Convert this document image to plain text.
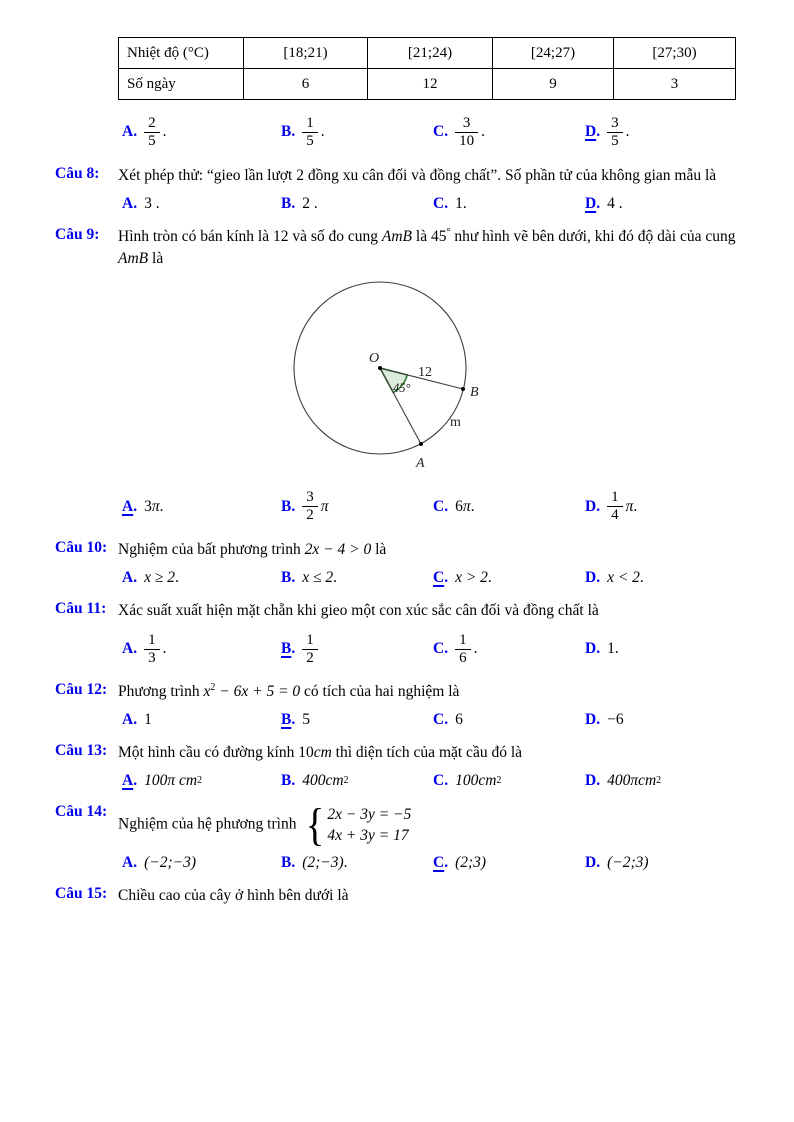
Nhiệt độ (°C)	[18;21)	[21;24)	[24;27)	[27;30)
Số ngày	6	12	9	3
A. $\frac{2}{5}$ .	B. $\frac{1}{5}$ .	C. $\frac{3}{10}$ .	D. $\frac{3}{5}$ .
Câu 8:	Xét phép thử: “gieo lần lượt 2 đồng xu cân đối và đồng chất”. Số phần tử của không gian mẫu là
A. 3 .	B. 2 .	C. 1.	D. 4 .
Câu 9:	Hình tròn có bán kính là 12 và số đo cung AmB là 45° như hình vẽ bên dưới, khi đó độ dài của cung AmB là
O
B
A
m
12
45°
A. 3 π .	B. $\frac{3}{2}$ π	C. 6 π .	D. $\frac{1}{4}$ π .
Câu 10: Nghiệm của bất phương trình 2x − 4 > 0 là
A. x ≥ 2 .	B. x ≤ 2 .	C. x > 2 .	D. x < 2 .
Câu 11: Xác suất xuất hiện mặt chẵn khi gieo một con xúc sắc cân đối và đồng chất là
A. $\frac{1}{3}$ .	B. $\frac{1}{2}$	C. $\frac{1}{6}$ .	D. 1.
Câu 12: Phương trình $x^2 - 6x + 5 = 0$ có tích của hai nghiệm là
A. 1	B. 5	C. 6	D. −6
Câu 13: Một hình cầu có đường kính 10cm thì diện tích của mặt cầu đó là
A. 100π cm 2	B. 400cm 2	C. 100cm 2	D. 400πcm 2
Câu 14:
Nghiệm của hệ phương trình { 2x − 3y = −5
4x + 3y = 17
A. (−2;−3)	B. (2;−3) .	C. (2;3)	D. (−2;3)
Câu 15: Chiều cao của cây ở hình bên dưới là
